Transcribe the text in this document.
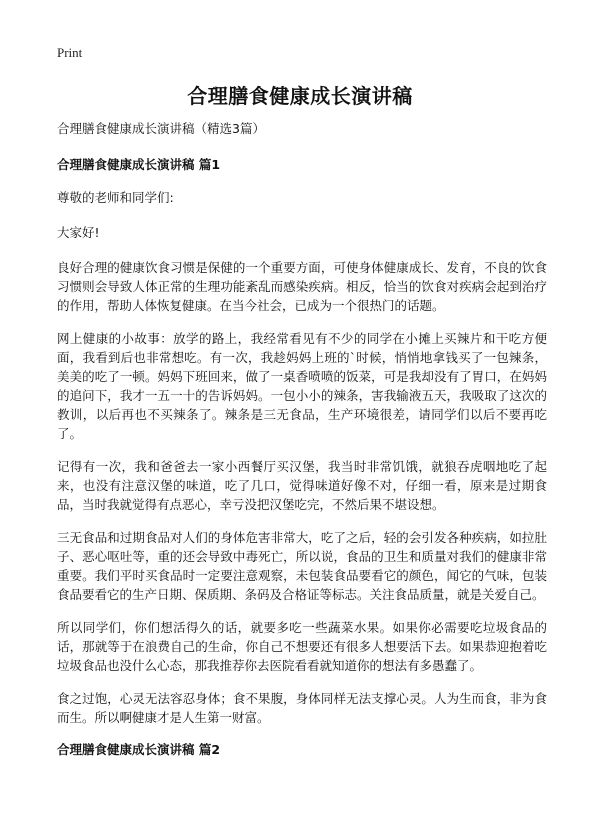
Print
合理膳食健康成长演讲稿

合理膳食健康成长演讲稿（精选3篇）

合理膳食健康成长演讲稿 篇1

尊敬的老师和同学们:

大家好!

良好合理的健康饮食习惯是保健的一个重要方面，可使身体健康成长、发育，不良的饮食习惯则会导致人体正常的生理功能紊乱而感染疾病。相反，恰当的饮食对疾病会起到治疗的作用，帮助人体恢复健康。在当今社会，已成为一个很热门的话题。

网上健康的小故事：放学的路上，我经常看见有不少的同学在小摊上买辣片和干吃方便面，我看到后也非常想吃。有一次，我趁妈妈上班的`时候，悄悄地拿钱买了一包辣条，美美的吃了一顿。妈妈下班回来，做了一桌香喷喷的饭菜，可是我却没有了胃口，在妈妈的追问下，我才一五一十的告诉妈妈。一包小小的辣条，害我输液五天，我吸取了这次的教训，以后再也不买辣条了。辣条是三无食品，生产环境很差，请同学们以后不要再吃了。

记得有一次，我和爸爸去一家小西餐厅买汉堡，我当时非常饥饿，就狼吞虎咽地吃了起来，也没有注意汉堡的味道，吃了几口，觉得味道好像不对，仔细一看，原来是过期食品，当时我就觉得有点恶心，幸亏没把汉堡吃完，不然后果不堪设想。

三无食品和过期食品对人们的身体危害非常大，吃了之后，轻的会引发各种疾病，如拉肚子、恶心呕吐等，重的还会导致中毒死亡，所以说，食品的卫生和质量对我们的健康非常重要。我们平时买食品时一定要注意观察，未包装食品要看它的颜色，闻它的气味，包装食品要看它的生产日期、保质期、条码及合格证等标志。关注食品质量，就是关爱自己。

所以同学们，你们想活得久的话，就要多吃一些蔬菜水果。如果你必需要吃垃圾食品的话，那就等于在浪费自己的生命，你自己不想要还有很多人想要活下去。如果恭迎抱着吃垃圾食品也没什么心态，那我推荐你去医院看看就知道你的想法有多愚蠢了。

食之过饱，心灵无法容忍身体；食不果腹，身体同样无法支撑心灵。人为生而食，非为食而生。所以啊健康才是人生第一财富。

合理膳食健康成长演讲稿 篇2
